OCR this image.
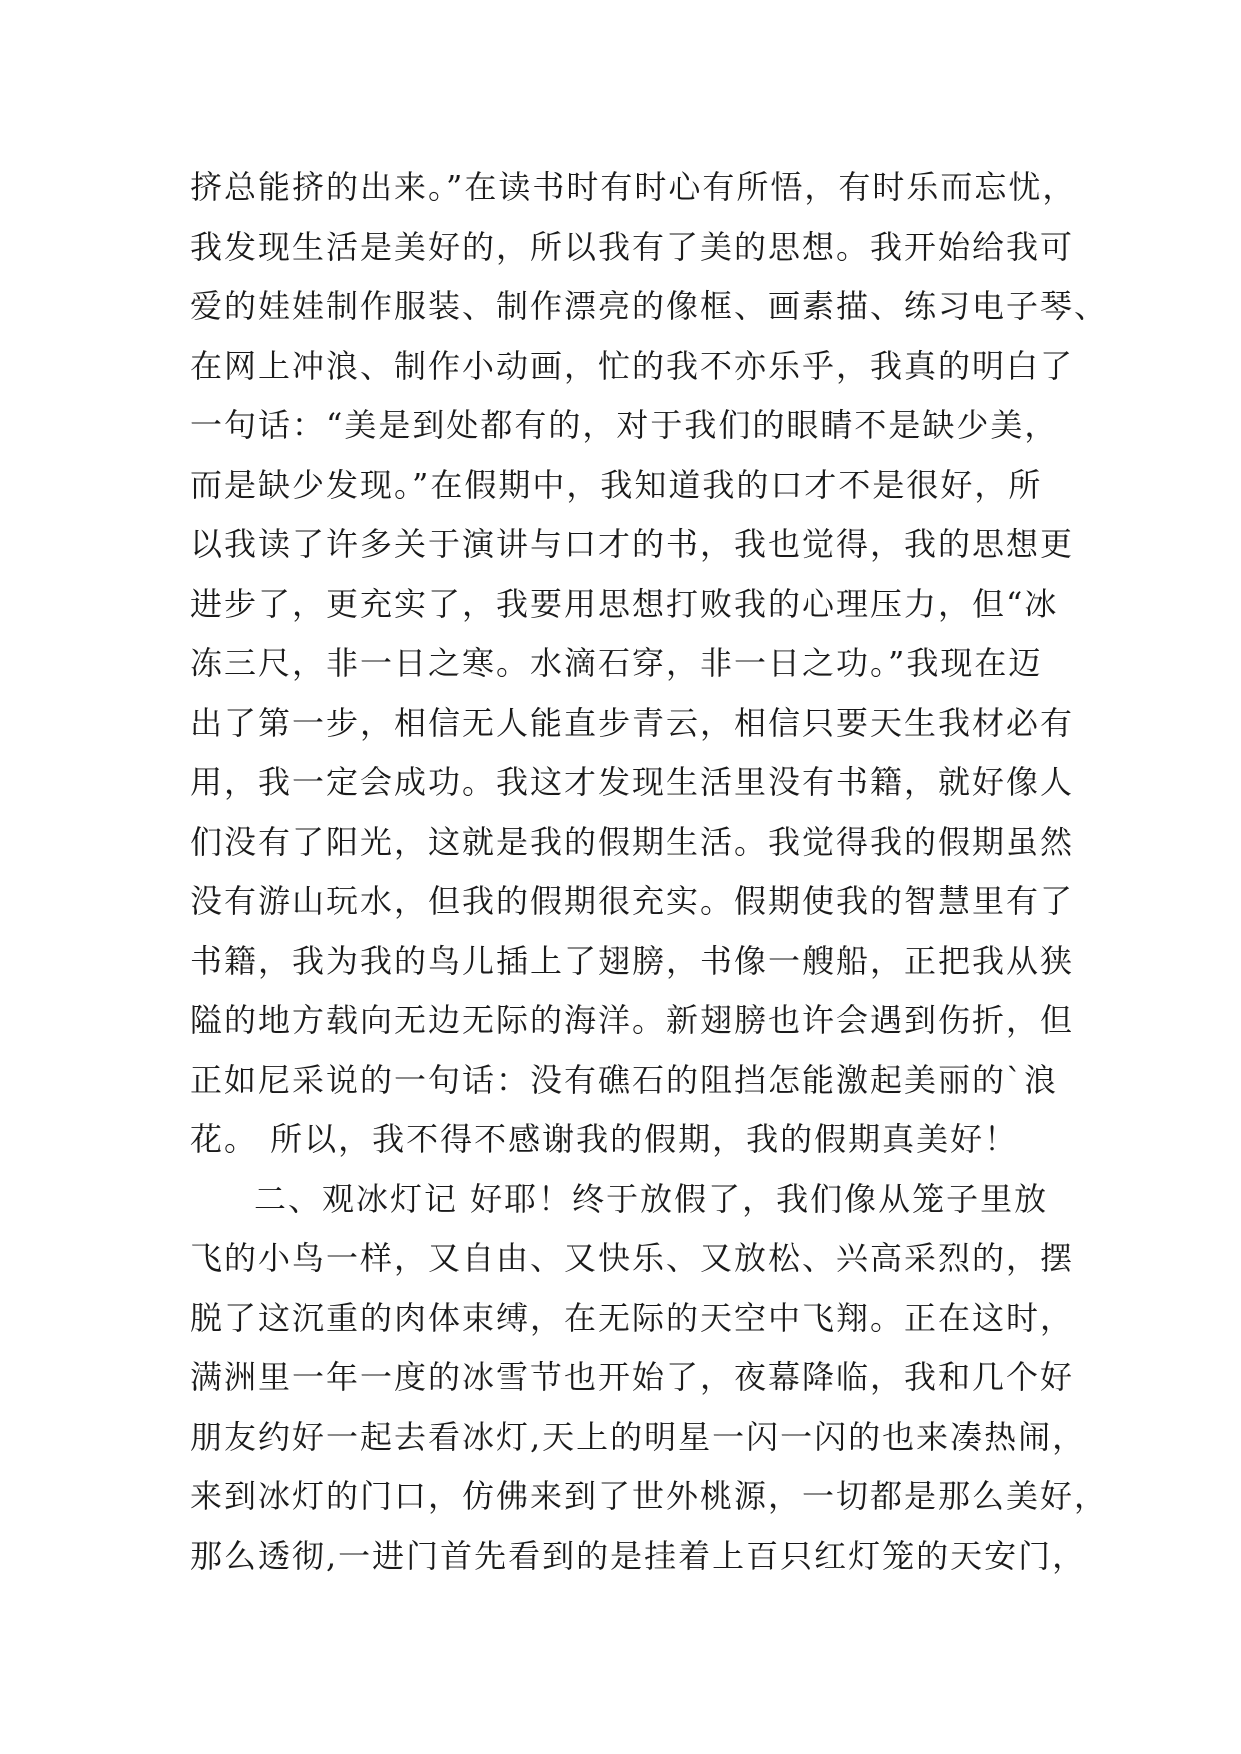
挤总能挤的出来。”在读书时有时心有所悟，有时乐而忘忧，
我发现生活是美好的，所以我有了美的思想。我开始给我可
爱的娃娃制作服装、制作漂亮的像框、画素描、练习电子琴、
在网上冲浪、制作小动画，忙的我不亦乐乎，我真的明白了
一句话：“美是到处都有的，对于我们的眼睛不是缺少美，
而是缺少发现。”在假期中，我知道我的口才不是很好，所
以我读了许多关于演讲与口才的书，我也觉得，我的思想更
进步了，更充实了，我要用思想打败我的心理压力，但“冰
冻三尺，非一日之寒。水滴石穿，非一日之功。”我现在迈
出了第一步，相信无人能直步青云，相信只要天生我材必有
用，我一定会成功。我这才发现生活里没有书籍，就好像人
们没有了阳光，这就是我的假期生活。我觉得我的假期虽然
没有游山玩水，但我的假期很充实。假期使我的智慧里有了
书籍，我为我的鸟儿插上了翅膀，书像一艘船，正把我从狭
隘的地方载向无边无际的海洋。新翅膀也许会遇到伤折，但
正如尼采说的一句话：没有礁石的阻挡怎能激起美丽的`浪
花。 所以，我不得不感谢我的假期，我的假期真美好！
二、观冰灯记 好耶！终于放假了，我们像从笼子里放
飞的小鸟一样，又自由、又快乐、又放松、兴高采烈的，摆
脱了这沉重的肉体束缚，在无际的天空中飞翔。正在这时，
满洲里一年一度的冰雪节也开始了，夜幕降临，我和几个好
朋友约好一起去看冰灯,天上的明星一闪一闪的也来凑热闹，
来到冰灯的门口，仿佛来到了世外桃源，一切都是那么美好，
那么透彻,一进门首先看到的是挂着上百只红灯笼的天安门，
